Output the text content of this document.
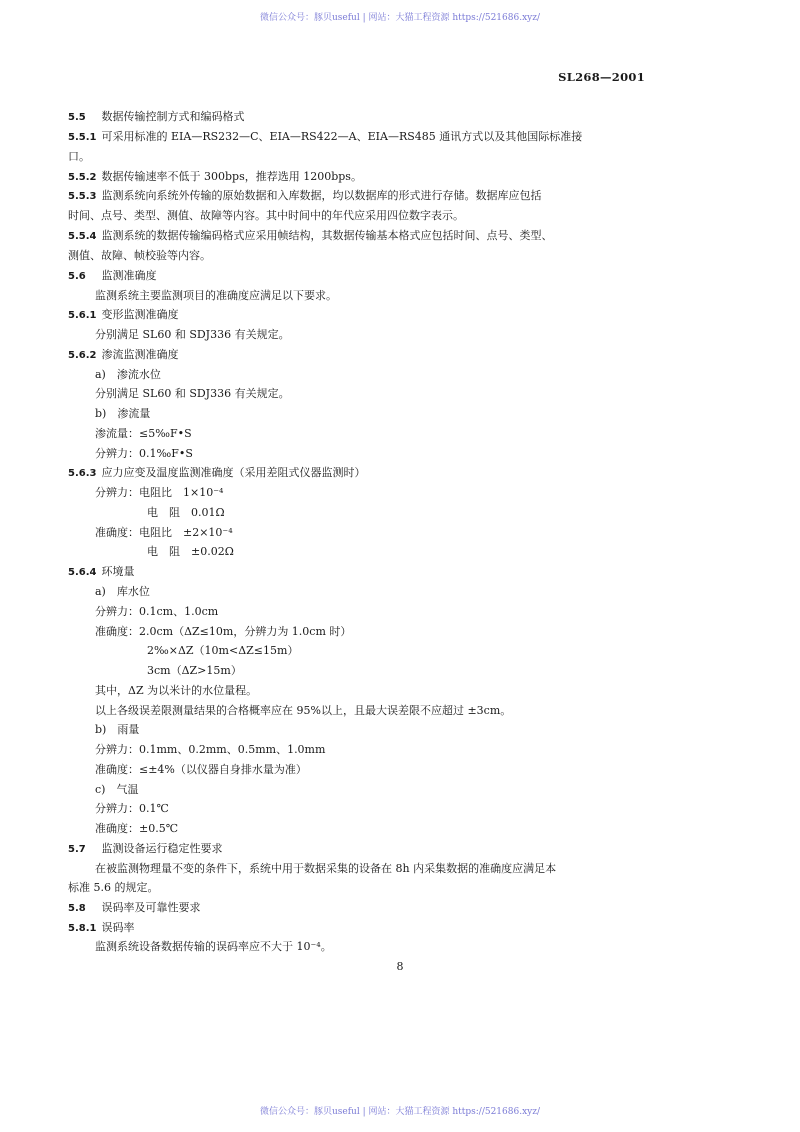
微信公众号：豚贝useful | 网站：大猫工程资源 https://521686.xyz/
SL268—2001
5.5 数据传输控制方式和编码格式
5.5.1 可采用标准的 EIA—RS232—C、EIA—RS422—A、EIA—RS485 通讯方式以及其他国际标准接
口。
5.5.2 数据传输速率不低于 300bps，推荐选用 1200bps。
5.5.3 监测系统向系统外传输的原始数据和入库数据，均以数据库的形式进行存储。数据库应包括
时间、点号、类型、测值、故障等内容。其中时间中的年代应采用四位数字表示。
5.5.4 监测系统的数据传输编码格式应采用帧结构，其数据传输基本格式应包括时间、点号、类型、
测值、故障、帧校验等内容。
5.6 监测准确度
监测系统主要监测项目的准确度应满足以下要求。
5.6.1 变形监测准确度
分别满足 SL60 和 SDJ336 有关规定。
5.6.2 渗流监测准确度
a)　渗流水位
分别满足 SL60 和 SDJ336 有关规定。
b)　渗流量
渗流量：≤5‰F•S
分辨力：0.1‰F•S
5.6.3 应力应变及温度监测准确度（采用差阻式仪器监测时）
分辨力：电阻比　1×10⁻⁴
电　阻　0.01Ω
准确度：电阻比　±2×10⁻⁴
电　阻　±0.02Ω
5.6.4 环境量
a)　库水位
分辨力：0.1cm、1.0cm
准确度：2.0cm（ΔZ≤10m，分辨力为 1.0cm 时）
2‰×ΔZ（10m<ΔZ≤15m）
3cm（ΔZ>15m）
其中，ΔZ 为以米计的水位量程。
以上各级误差限测量结果的合格概率应在 95%以上，且最大误差限不应超过 ±3cm。
b)　雨量
分辨力：0.1mm、0.2mm、0.5mm、1.0mm
准确度：≤±4%（以仪器自身排水量为准）
c)　气温
分辨力：0.1℃
准确度：±0.5℃
5.7 监测设备运行稳定性要求
在被监测物理量不变的条件下，系统中用于数据采集的设备在 8h 内采集数据的准确度应满足本
标准 5.6 的规定。
5.8 误码率及可靠性要求
5.8.1 误码率
监测系统设备数据传输的误码率应不大于 10⁻⁴。
8
微信公众号：豚贝useful | 网站：大猫工程资源 https://521686.xyz/
